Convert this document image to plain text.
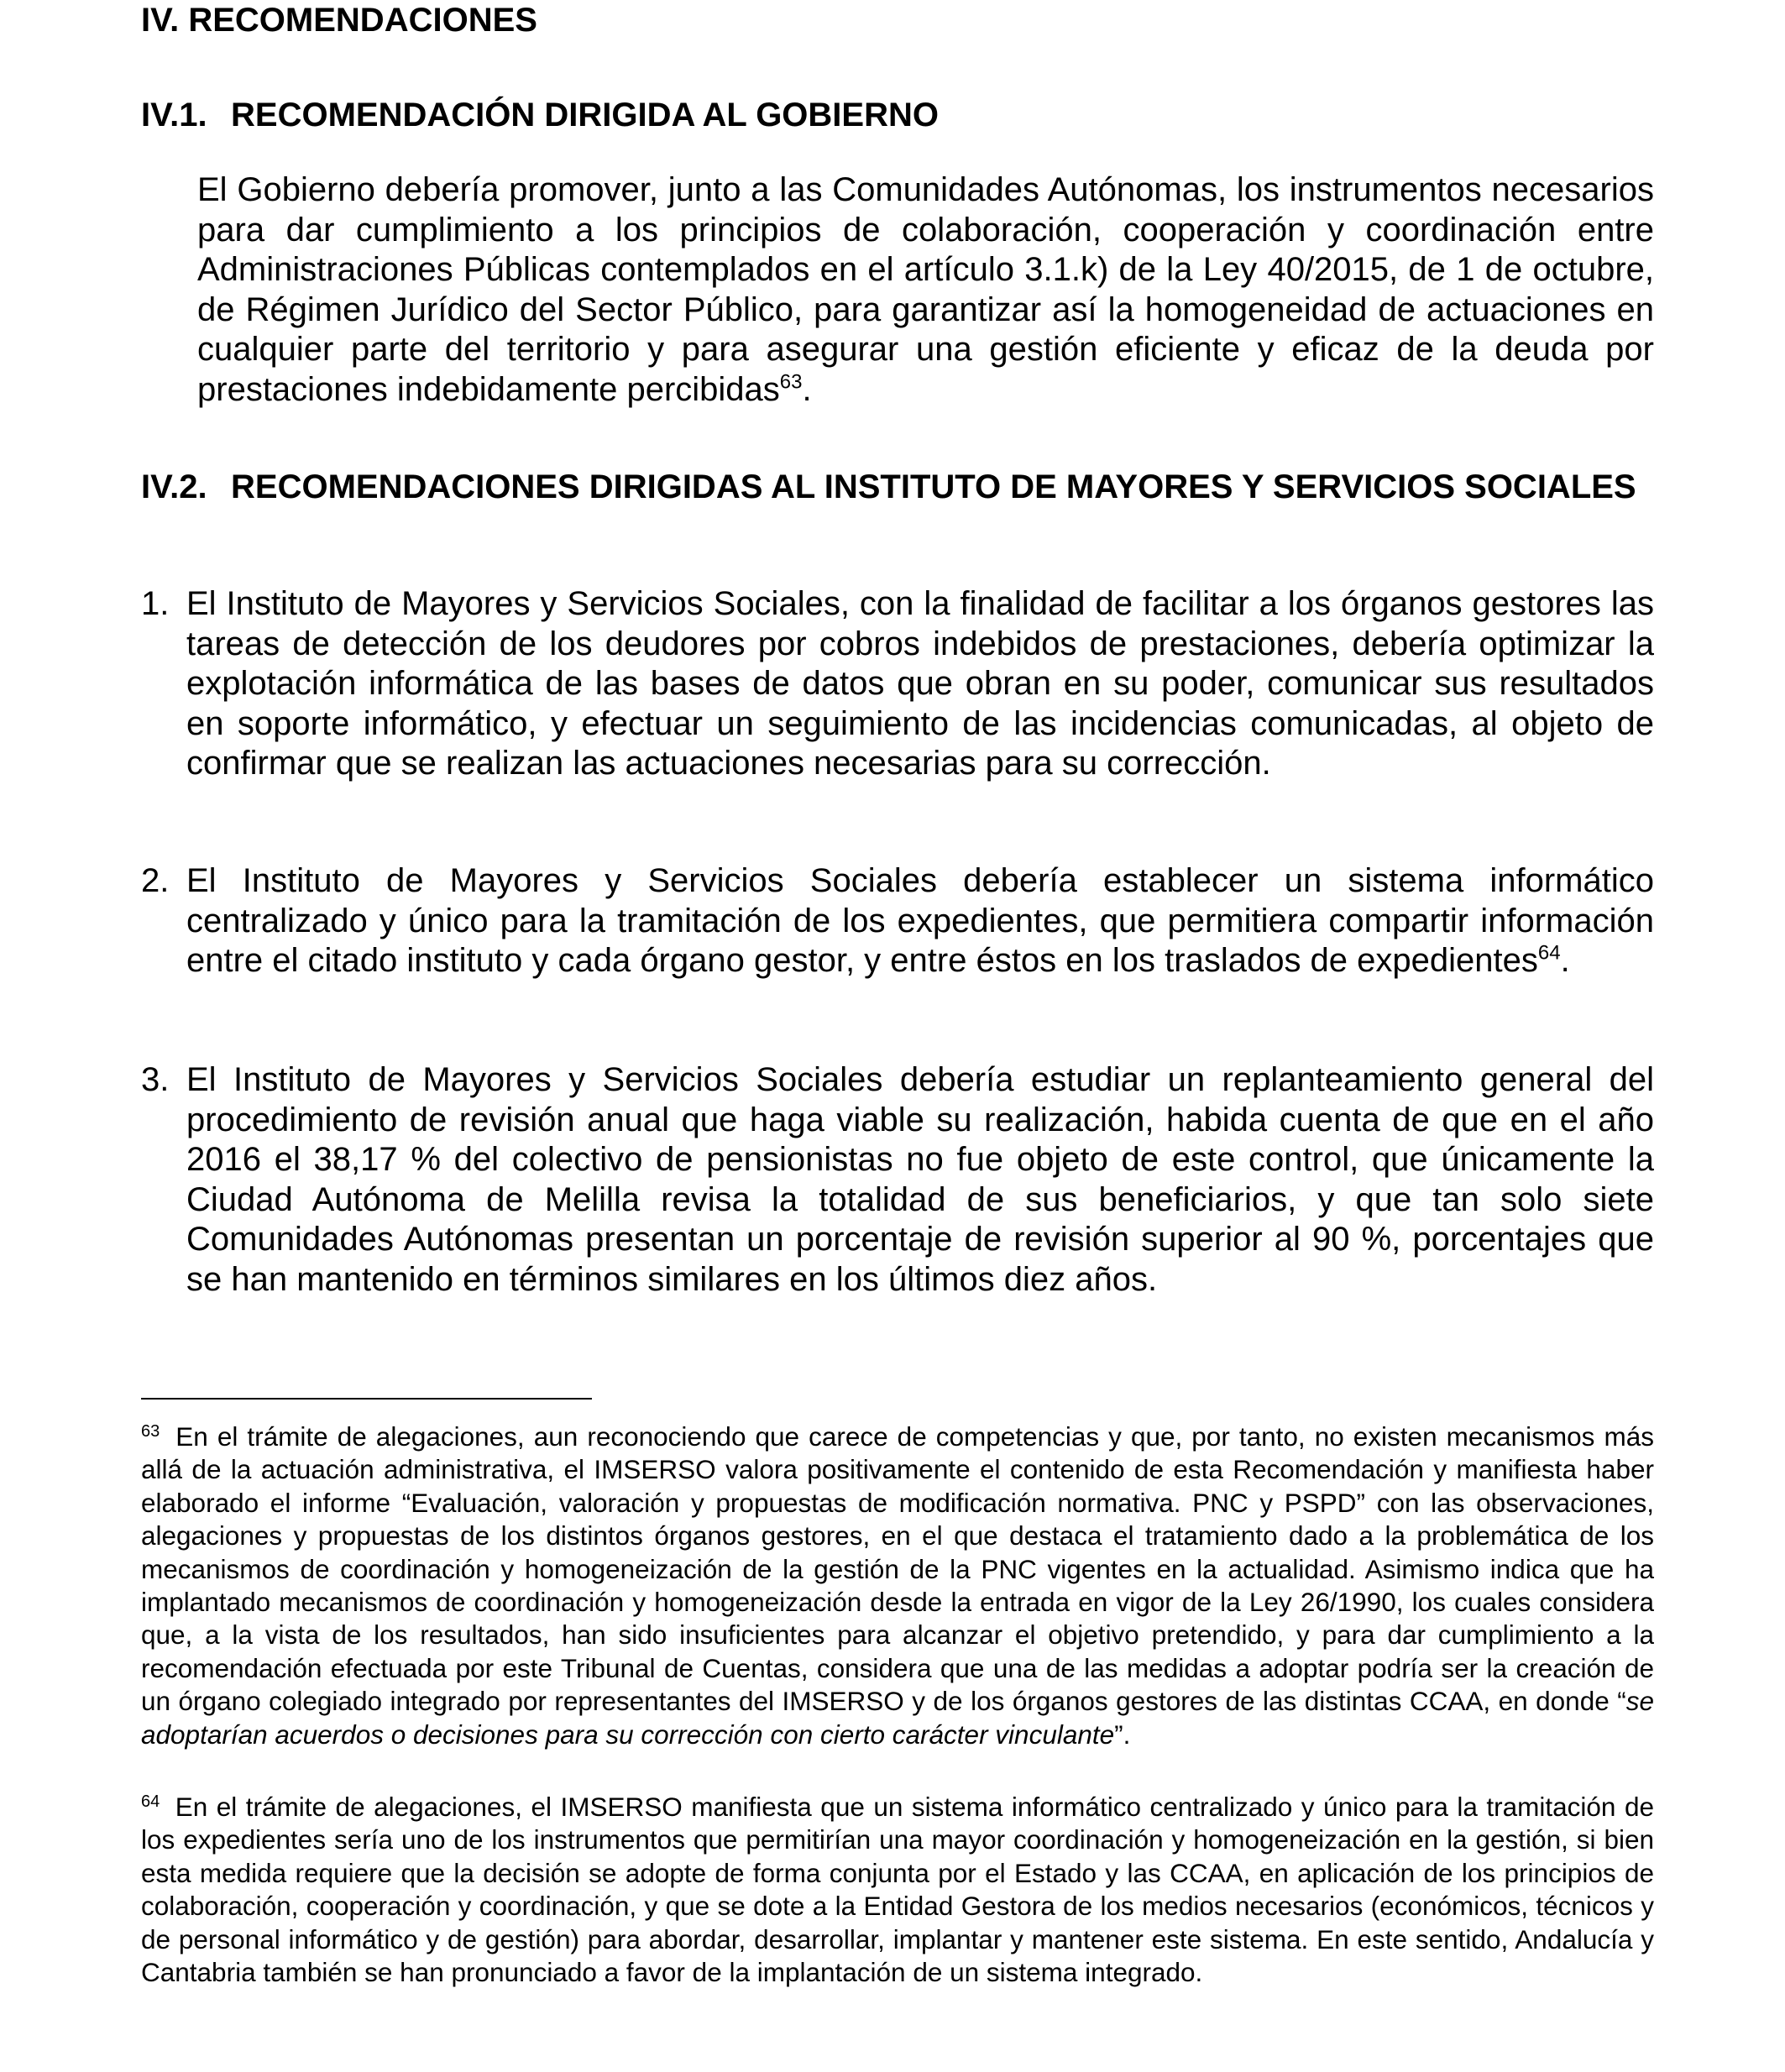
IV. RECOMENDACIONES
IV.1. RECOMENDACIÓN DIRIGIDA AL GOBIERNO

El Gobierno debería promover, junto a las Comunidades Autónomas, los instrumentos necesarios para dar cumplimiento a los principios de colaboración, cooperación y coordinación entre Administraciones Públicas contemplados en el artículo 3.1.k) de la Ley 40/2015, de 1 de octubre, de Régimen Jurídico del Sector Público, para garantizar así la homogeneidad de actuaciones en cualquier parte del territorio y para asegurar una gestión eficiente y eficaz de la deuda por prestaciones indebidamente percibidas$^{63}$.

IV.2. RECOMENDACIONES DIRIGIDAS AL INSTITUTO DE MAYORES Y SERVICIOS SOCIALES
1. El Instituto de Mayores y Servicios Sociales, con la finalidad de facilitar a los órganos gestores las tareas de detección de los deudores por cobros indebidos de prestaciones, debería optimizar la explotación informática de las bases de datos que obran en su poder, comunicar sus resultados en soporte informático, y efectuar un seguimiento de las incidencias comunicadas, al objeto de confirmar que se realizan las actuaciones necesarias para su corrección.

2. El Instituto de Mayores y Servicios Sociales debería establecer un sistema informático centralizado y único para la tramitación de los expedientes, que permitiera compartir información entre el citado instituto y cada órgano gestor, y entre éstos en los traslados de expedientes$^{64}$.

3. El Instituto de Mayores y Servicios Sociales debería estudiar un replanteamiento general del procedimiento de revisión anual que haga viable su realización, habida cuenta de que en el año 2016 el 38,17 % del colectivo de pensionistas no fue objeto de este control, que únicamente la Ciudad Autónoma de Melilla revisa la totalidad de sus beneficiarios, y que tan solo siete Comunidades Autónomas presentan un porcentaje de revisión superior al 90 %, porcentajes que se han mantenido en términos similares en los últimos diez años.

$^{63}$ En el trámite de alegaciones, aun reconociendo que carece de competencias y que, por tanto, no existen mecanismos más allá de la actuación administrativa, el IMSERSO valora positivamente el contenido de esta Recomendación y manifiesta haber elaborado el informe “Evaluación, valoración y propuestas de modificación normativa. PNC y PSPD” con las observaciones, alegaciones y propuestas de los distintos órganos gestores, en el que destaca el tratamiento dado a la problemática de los mecanismos de coordinación y homogeneización de la gestión de la PNC vigentes en la actualidad. Asimismo indica que ha implantado mecanismos de coordinación y homogeneización desde la entrada en vigor de la Ley 26/1990, los cuales considera que, a la vista de los resultados, han sido insuficientes para alcanzar el objetivo pretendido, y para dar cumplimiento a la recomendación efectuada por este Tribunal de Cuentas, considera que una de las medidas a adoptar podría ser la creación de un órgano colegiado integrado por representantes del IMSERSO y de los órganos gestores de las distintas CCAA, en donde “se adoptarían acuerdos o decisiones para su corrección con cierto carácter vinculante”.

$^{64}$ En el trámite de alegaciones, el IMSERSO manifiesta que un sistema informático centralizado y único para la tramitación de los expedientes sería uno de los instrumentos que permitirían una mayor coordinación y homogeneización en la gestión, si bien esta medida requiere que la decisión se adopte de forma conjunta por el Estado y las CCAA, en aplicación de los principios de colaboración, cooperación y coordinación, y que se dote a la Entidad Gestora de los medios necesarios (económicos, técnicos y de personal informático y de gestión) para abordar, desarrollar, implantar y mantener este sistema. En este sentido, Andalucía y Cantabria también se han pronunciado a favor de la implantación de un sistema integrado.
